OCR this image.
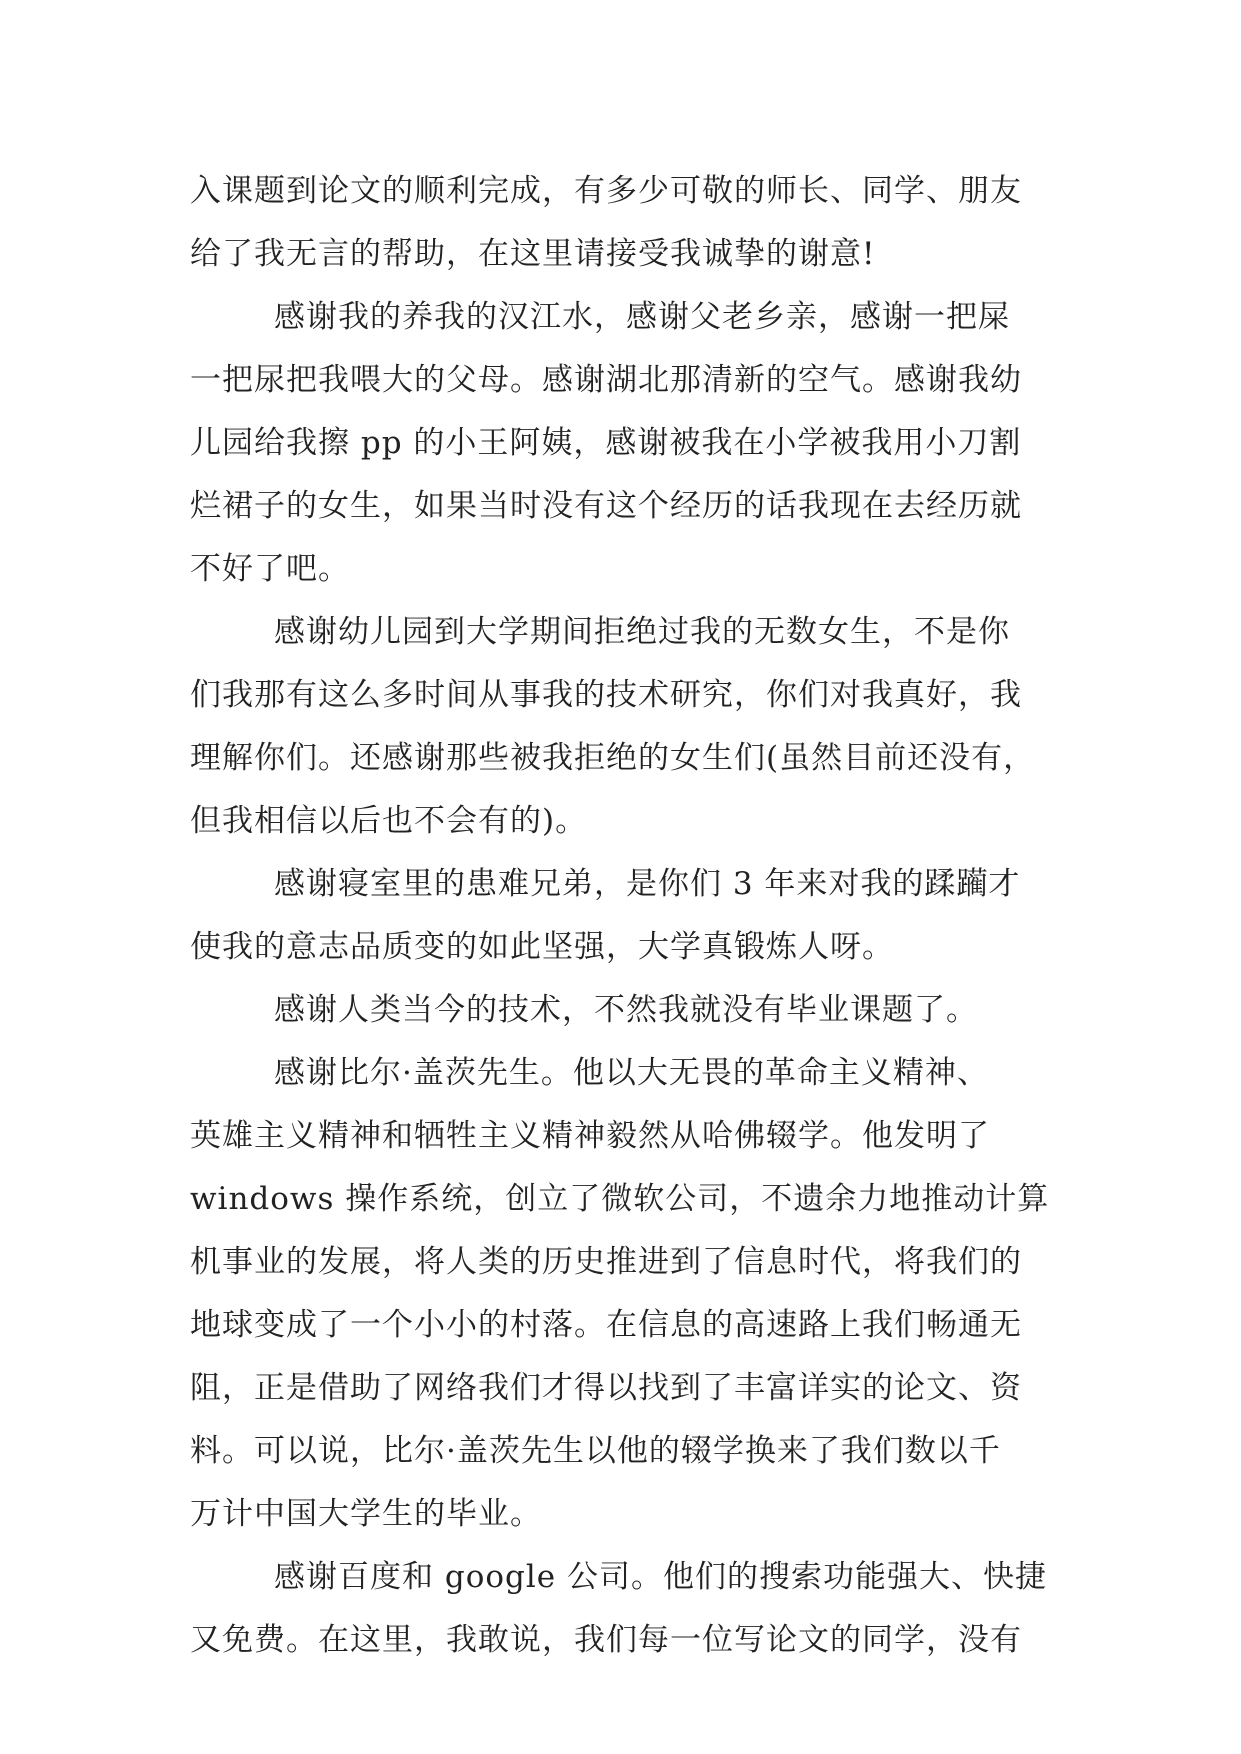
入课题到论文的顺利完成，有多少可敬的师长、同学、朋友
给了我无言的帮助，在这里请接受我诚挚的谢意!
感谢我的养我的汉江水，感谢父老乡亲，感谢一把屎
一把尿把我喂大的父母。感谢湖北那清新的空气。感谢我幼
儿园给我擦 pp 的小王阿姨，感谢被我在小学被我用小刀割
烂裙子的女生，如果当时没有这个经历的话我现在去经历就
不好了吧。
感谢幼儿园到大学期间拒绝过我的无数女生，不是你
们我那有这么多时间从事我的技术研究，你们对我真好，我
理解你们。还感谢那些被我拒绝的女生们(虽然目前还没有，
但我相信以后也不会有的)。
感谢寝室里的患难兄弟，是你们 3 年来对我的蹂躏才
使我的意志品质变的如此坚强，大学真锻炼人呀。
感谢人类当今的技术，不然我就没有毕业课题了。
感谢比尔·盖茨先生。他以大无畏的革命主义精神、
英雄主义精神和牺牲主义精神毅然从哈佛辍学。他发明了
windows 操作系统，创立了微软公司，不遗余力地推动计算
机事业的发展，将人类的历史推进到了信息时代，将我们的
地球变成了一个小小的村落。在信息的高速路上我们畅通无
阻，正是借助了网络我们才得以找到了丰富详实的论文、资
料。可以说，比尔·盖茨先生以他的辍学换来了我们数以千
万计中国大学生的毕业。
感谢百度和 google 公司。他们的搜索功能强大、快捷
又免费。在这里，我敢说，我们每一位写论文的同学，没有
